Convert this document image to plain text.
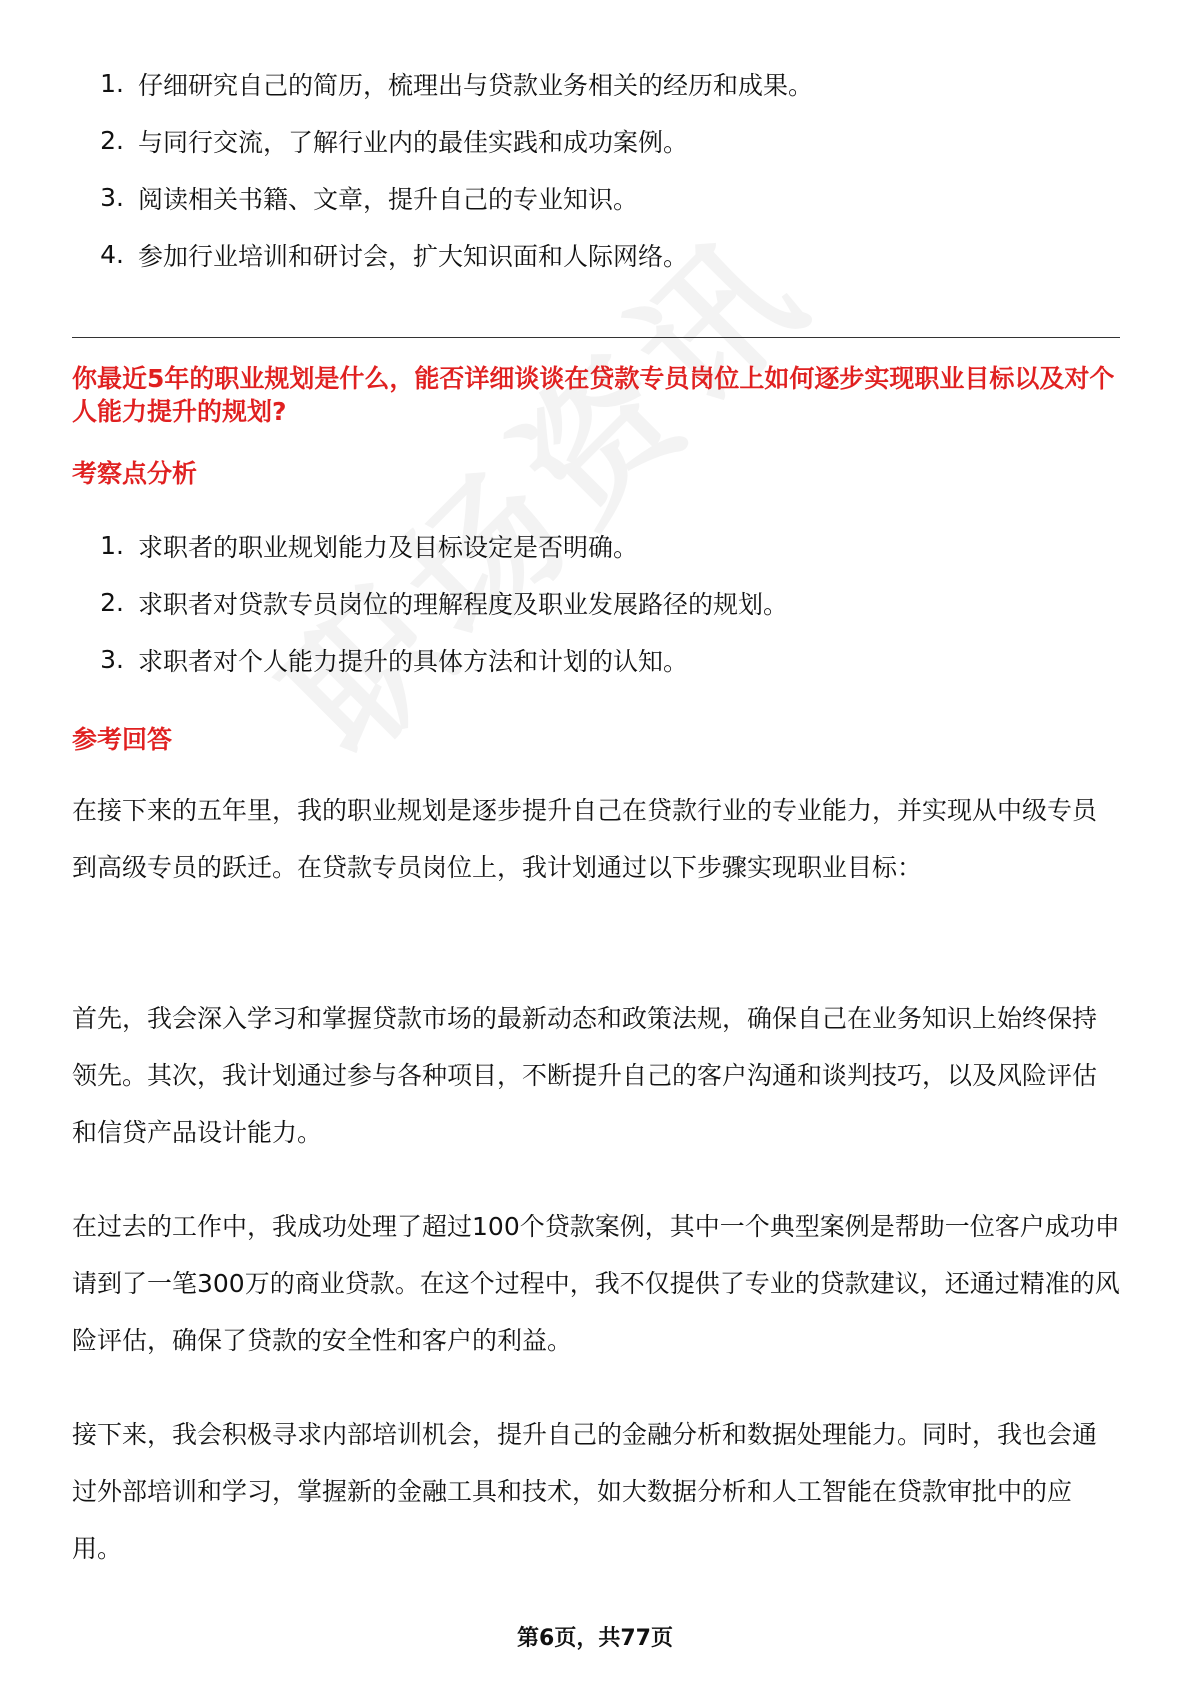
1. 仔细研究自己的简历，梳理出与贷款业务相关的经历和成果。
2. 与同行交流，了解行业内的最佳实践和成功案例。
3. 阅读相关书籍、文章，提升自己的专业知识。
4. 参加行业培训和研讨会，扩大知识面和人际网络。

你最近5年的职业规划是什么，能否详细谈谈在贷款专员岗位上如何逐步实现职业目标以及对个人能力提升的规划?

考察点分析

1. 求职者的职业规划能力及目标设定是否明确。
2. 求职者对贷款专员岗位的理解程度及职业发展路径的规划。
3. 求职者对个人能力提升的具体方法和计划的认知。

参考回答

在接下来的五年里，我的职业规划是逐步提升自己在贷款行业的专业能力，并实现从中级专员到高级专员的跃迁。在贷款专员岗位上，我计划通过以下步骤实现职业目标：

首先，我会深入学习和掌握贷款市场的最新动态和政策法规，确保自己在业务知识上始终保持领先。其次，我计划通过参与各种项目，不断提升自己的客户沟通和谈判技巧，以及风险评估和信贷产品设计能力。

在过去的工作中，我成功处理了超过100个贷款案例，其中一个典型案例是帮助一位客户成功申请到了一笔300万的商业贷款。在这个过程中，我不仅提供了专业的贷款建议，还通过精准的风险评估，确保了贷款的安全性和客户的利益。

接下来，我会积极寻求内部培训机会，提升自己的金融分析和数据处理能力。同时，我也会通过外部培训和学习，掌握新的金融工具和技术，如大数据分析和人工智能在贷款审批中的应用。

第6页，共77页
